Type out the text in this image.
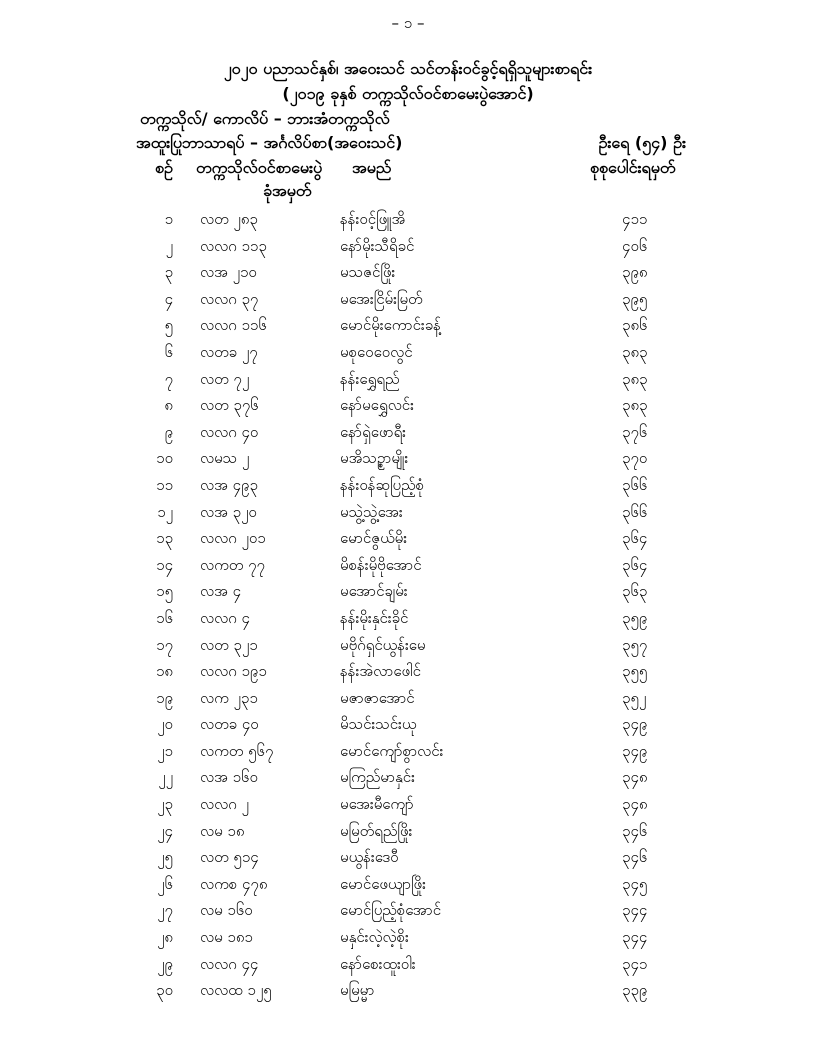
– ၁ –
၂၀၂၀ ပညာသင်နှစ်၊ အဝေးသင် သင်တန်းဝင်ခွင့်ရရှိသူများစာရင်း
(၂၀၁၉ ခုနှစ် တက္ကသိုလ်ဝင်စာမေးပွဲအောင်)
တက္ကသိုလ်/ ကောလိပ် – ဘားအံတက္ကသိုလ်
အထူးပြုဘာသာရပ် – အင်္ဂလိပ်စာ(အဝေးသင်)	ဦးရေ (၅၄) ဦး
စဉ် တက္ကသိုလ်ဝင်စာမေးပွဲ
ခုံအမှတ်
အမည်	စုစုပေါင်းရမှတ်
၁ လတ ၂၈၃	နန်းဝင့်ဖြူအိ	၄၁၁
၂ လလဂ ၁၁၃	နော်မိုးသီရိခင်	၄၀၆
၃ လအ ၂၁၀	မသဇင်ဖြိုး	၃၉၈
၄ လလဂ ၃၇	မအေးငြိမ်းမြတ်	၃၉၅
၅ လလဂ ၁၁၆	မောင်မိုးကောင်းခန့်	၃၈၆
၆ လတခ ၂၇	မစုဝေဝေလွင်	၃၈၃
၇ လတ ၇၂	နန်းရွှေရည်	၃၈၃
၈ လတ ၃၇၆	နော်မရွှေလင်း	၃၈၃
၉ လလဂ ၄၀	နော်ရှဲဖောရီး	၃၇၆
၁၀ လမသ ၂	မအိသဥ္စာမျိုး	၃၇၀
၁၁ လအ ၄၉၃	နန်းဝန်ဆုပြည့်စုံ	၃၆၆
၁၂ လအ ၃၂၀	မသွဲ့သွဲ့အေး	၃၆၆
၁၃ လလဂ ၂၀၁	မောင်ဇွယ်မိုး	၃၆၄
၁၄ လကတ ၇၇	မိစန်းမိုဗိုအောင်	၃၆၄
၁၅ လအ ၄	မအောင်ချမ်း	၃၆၃
၁၆ လလဂ ၄	နန်းမိုးနှင်းခိုင်	၃၅၉
၁၇ လတ ၃၂၁	မဗိုဂ်ရှင်ယွန်းမေ	၃၅၇
၁၈ လလဂ ၁၉၁	နန်းအဲလာဖေါင်	၃၅၅
၁၉ လက ၂၃၁	မဇာဇာအောင်	၃၅၂
၂၀ လတခ ၄၀	မိသင်းသင်းယု	၃၄၉
၂၁ လကတ ၅၆၇	မောင်ကျော်စွာလင်း	၃၄၉
၂၂ လအ ၁၆၀	မကြည်မာနှင်း	၃၄၈
၂၃ လလဂ ၂	မအေးမီကျော်	၃၄၈
၂၄ လမ ၁၈	မမြတ်ရည်ဖြိုး	၃၄၆
၂၅ လတ ၅၁၄	မယွန်းဒေဝီ	၃၄၆
၂၆ လကစ ၄၇၈	မောင်ဖေယျာဖြိုး	၃၄၅
၂၇ လမ ၁၆၀	မောင်ပြည့်စုံအောင်	၃၄၄
၂၈ လမ ၁၈၁	မနှင်းလဲ့လဲ့စိုး	၃၄၄
၂၉ လလဂ ၄၄	နော်စေးထူးဝါး	၃၄၁
၃၀ လလထ ၁၂၅	မမြမ္မာ	၃၃၉
